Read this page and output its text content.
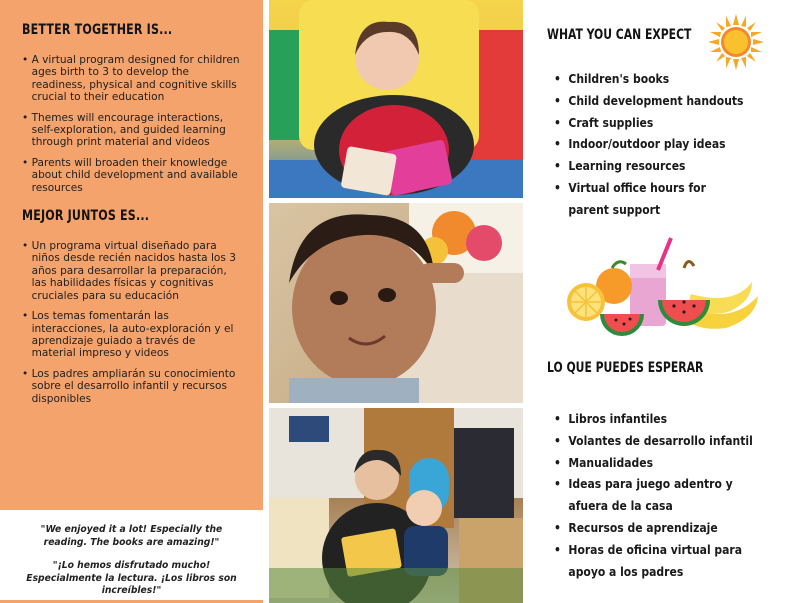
BETTER TOGETHER IS...
• A virtual program designed for children ages birth to 3 to develop the readiness, physical and cognitive skills crucial to their education
• Themes will encourage interactions, self-exploration, and guided learning through print material and videos
• Parents will broaden their knowledge about child development and available resources
MEJOR JUNTOS ES...
• Un programa virtual diseñado para niños desde recién nacidos hasta los 3 años para desarrollar la preparación, las habilidades físicas y cognitivas cruciales para su educación
• Los temas fomentarán las interacciones, la auto-exploración y el aprendizaje guiado a través de material impreso y videos
• Los padres ampliarán su conocimiento sobre el desarrollo infantil y recursos disponibles

"We enjoyed it a lot! Especially the reading. The books are amazing!"

"¡Lo hemos disfrutado mucho! Especialmente la lectura. ¡Los libros son increíbles!"

WHAT YOU CAN EXPECT
• Children's books
• Child development handouts
• Craft supplies
• Indoor/outdoor play ideas
• Learning resources
• Virtual office hours for
parent support
LO QUE PUEDES ESPERAR
• Libros infantiles
• Volantes de desarrollo infantil
• Manualidades
• Ideas para juego adentro y
afuera de la casa
• Recursos de aprendizaje
• Horas de oficina virtual para
apoyo a los padres
